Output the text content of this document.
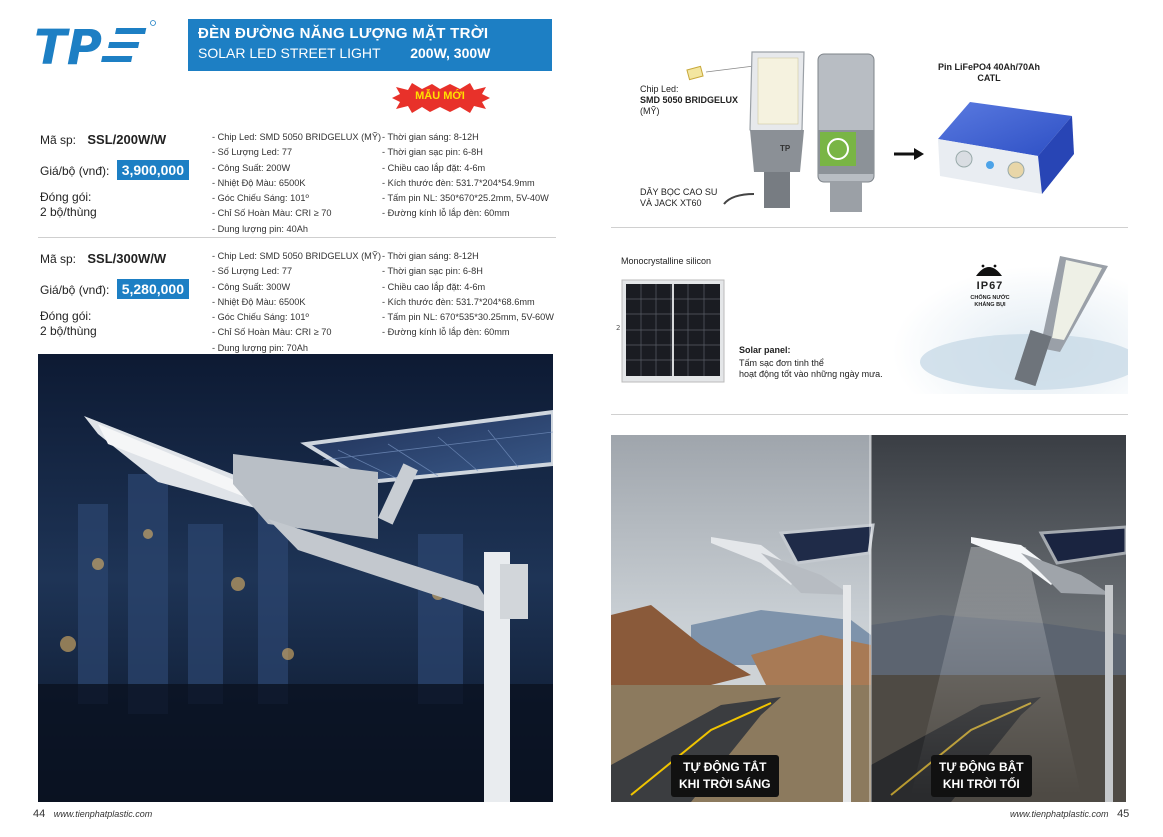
TP	ĐÈN ĐƯỜNG NĂNG LƯỢNG MẶT TRỜI
SOLAR LED STREET LIGHT 200W, 300W
MẪU MỚI
Mã sp: SSL/200W/W
Giá/bộ (vnđ): 3,900,000
Đóng gói:
2 bộ/thùng
- Chip Led: SMD 5050 BRIDGELUX (MỸ)
- Số Lượng Led: 77
- Công Suất: 200W
- Nhiệt Độ Màu: 6500K
- Góc Chiếu Sáng: 101º
- Chỉ Số Hoàn Màu: CRI ≥ 70
- Dung lượng pin: 40Ah
- Thời gian sáng: 8-12H
- Thời gian sạc pin: 6-8H
- Chiều cao lắp đặt: 4-6m
- Kích thước đèn: 531.7*204*54.9mm
- Tấm pin NL: 350*670*25.2mm, 5V-40W
- Đường kính lỗ lắp đèn: 60mm
Mã sp: SSL/300W/W
Giá/bộ (vnđ): 5,280,000
Đóng gói:
2 bộ/thùng
- Chip Led: SMD 5050 BRIDGELUX (MỸ)
- Số Lượng Led: 77
- Công Suất: 300W
- Nhiệt Độ Màu: 6500K
- Góc Chiếu Sáng: 101º
- Chỉ Số Hoàn Màu: CRI ≥ 70
- Dung lượng pin: 70Ah
- Thời gian sáng: 8-12H
- Thời gian sạc pin: 6-8H
- Chiều cao lắp đặt: 4-6m
- Kích thước đèn: 531.7*204*68.6mm
- Tấm pin NL: 670*535*30.25mm, 5V-60W
- Đường kính lỗ lắp đèn: 60mm
44 www.tienphatplastic.com
Chip Led:
SMD 5050 BRIDGELUX
(MỸ)
DÂY BỌC CAO SU
VÀ JACK XT60
Pin LiFePO4 40Ah/70Ah
CATL
TP
Monocrystalline silicon
2
IP67
CHỐNG NƯỚC
KHÁNG BỤI
Solar panel:
Tấm sạc đơn tinh thể
hoạt động tốt vào những ngày mưa.
TỰ ĐỘNG TẮT
KHI TRỜI SÁNG
TỰ ĐỘNG BẬT
KHI TRỜI TỐI
www.tienphatplastic.com 45
